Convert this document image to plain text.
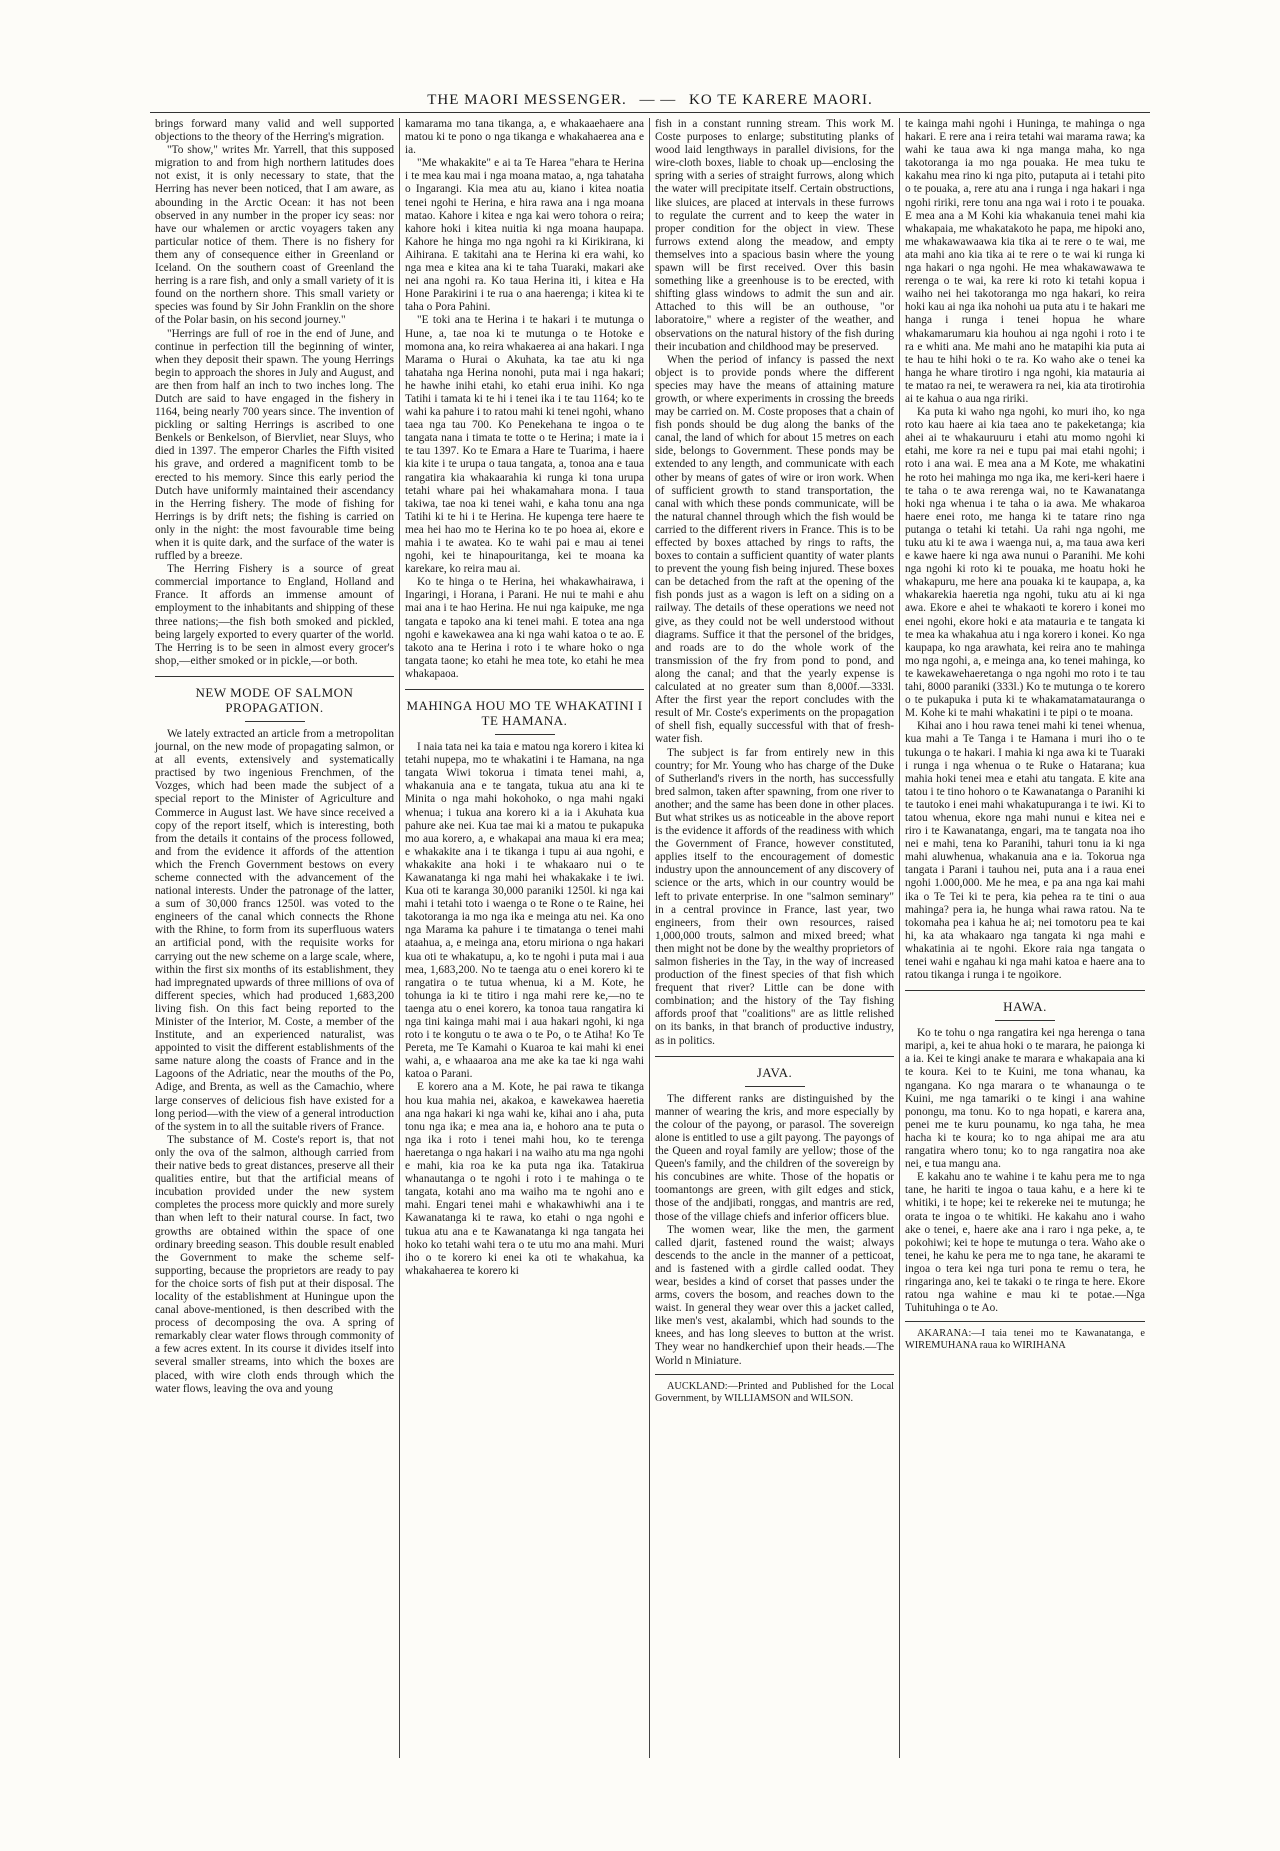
THE MAORI MESSENGER. — — KO TE KARERE MAORI.

brings forward many valid and well supported objections to the theory of the Herring's migration.

"To show," writes Mr. Yarrell, that this supposed migration to and from high northern latitudes does not exist, it is only necessary to state, that the Herring has never been noticed, that I am aware, as abounding in the Arctic Ocean: it has not been observed in any number in the proper icy seas: nor have our whalemen or arctic voyagers taken any particular notice of them. There is no fishery for them any of consequence either in Greenland or Iceland. On the southern coast of Greenland the herring is a rare fish, and only a small variety of it is found on the northern shore. This small variety or species was found by Sir John Franklin on the shore of the Polar basin, on his second journey."

"Herrings are full of roe in the end of June, and continue in perfection till the beginning of winter, when they deposit their spawn. The young Herrings begin to approach the shores in July and August, and are then from half an inch to two inches long. The Dutch are said to have engaged in the fishery in 1164, being nearly 700 years since. The invention of pickling or salting Herrings is ascribed to one Benkels or Benkelson, of Biervliet, near Sluys, who died in 1397. The emperor Charles the Fifth visited his grave, and ordered a magnificent tomb to be erected to his memory. Since this early period the Dutch have uniformly maintained their ascendancy in the Herring fishery. The mode of fishing for Herrings is by drift nets; the fishing is carried on only in the night: the most favourable time being when it is quite dark, and the surface of the water is ruffled by a breeze.

The Herring Fishery is a source of great commercial importance to England, Holland and France. It affords an immense amount of employment to the inhabitants and shipping of these three nations;—the fish both smoked and pickled, being largely exported to every quarter of the world. The Herring is to be seen in almost every grocer's shop,—either smoked or in pickle,—or both.

NEW MODE OF SALMON PROPAGATION.

We lately extracted an article from a metropolitan journal, on the new mode of propagating salmon, or at all events, extensively and systematically practised by two ingenious Frenchmen, of the Vozges, which had been made the subject of a special report to the Minister of Agriculture and Commerce in August last. We have since received a copy of the report itself, which is interesting, both from the details it contains of the process followed, and from the evidence it affords of the attention which the French Government bestows on every scheme connected with the advancement of the national interests. Under the patronage of the latter, a sum of 30,000 francs 1250l. was voted to the engineers of the canal which connects the Rhone with the Rhine, to form from its superfluous waters an artificial pond, with the requisite works for carrying out the new scheme on a large scale, where, within the first six months of its establishment, they had impregnated upwards of three millions of ova of different species, which had produced 1,683,200 living fish. On this fact being reported to the Minister of the Interior, M. Coste, a member of the Institute, and an experienced naturalist, was appointed to visit the different establishments of the same nature along the coasts of France and in the Lagoons of the Adriatic, near the mouths of the Po, Adige, and Brenta, as well as the Camachio, where large conserves of delicious fish have existed for a long period—with the view of a general introduction of the system in to all the suitable rivers of France.

The substance of M. Coste's report is, that not only the ova of the salmon, although carried from their native beds to great distances, preserve all their qualities entire, but that the artificial means of incubation provided under the new system completes the process more quickly and more surely than when left to their natural course. In fact, two growths are obtained within the space of one ordinary breeding season. This double result enabled the Government to make the scheme self-supporting, because the proprietors are ready to pay for the choice sorts of fish put at their disposal. The locality of the establishment at Huningue upon the canal above-mentioned, is then described with the process of decomposing the ova. A spring of remarkably clear water flows through commonity of a few acres extent. In its course it divides itself into several smaller streams, into which the boxes are placed, with wire cloth ends through which the water flows, leaving the ova and young

kamarama mo tana tikanga, a, e whakaaehaere ana matou ki te pono o nga tikanga e whakahaerea ana e ia.

"Me whakakite" e ai ta Te Harea "ehara te Herina i te mea kau mai i nga moana matao, a, nga tahataha o Ingarangi. Kia mea atu au, kiano i kitea noatia tenei ngohi te Herina, e hira rawa ana i nga moana matao. Kahore i kitea e nga kai wero tohora o reira; kahore hoki i kitea nuitia ki nga moana haupapa. Kahore he hinga mo nga ngohi ra ki Kirikirana, ki Aihirana. E takitahi ana te Herina ki era wahi, ko nga mea e kitea ana ki te taha Tuaraki, makari ake nei ana ngohi ra. Ko taua Herina iti, i kitea e Ha Hone Parakirini i te rua o ana haerenga; i kitea ki te taha o Pora Pahini.

"E toki ana te Herina i te hakari i te mutunga o Hune, a, tae noa ki te mutunga o te Hotoke e momona ana, ko reira whakaerea ai ana hakari. I nga Marama o Hurai o Akuhata, ka tae atu ki nga tahataha nga Herina nonohi, puta mai i nga hakari; he hawhe inihi etahi, ko etahi erua inihi. Ko nga Tatihi i tamata ki te hi i tenei ika i te tau 1164; ko te wahi ka pahure i to ratou mahi ki tenei ngohi, whano taea nga tau 700. Ko Penekehana te ingoa o te tangata nana i timata te totte o te Herina; i mate ia i te tau 1397. Ko te Emara a Hare te Tuarima, i haere kia kite i te urupa o taua tangata, a, tonoa ana e taua rangatira kia whakaarahia ki runga ki tona urupa tetahi whare pai hei whakamahara mona. I taua takiwa, tae noa ki tenei wahi, e kaha tonu ana nga Tatihi ki te hi i te Herina. He kupenga tere haere te mea hei hao mo te Herina ko te po hoea ai, ekore e mahia i te awatea. Ko te wahi pai e mau ai tenei ngohi, kei te hinapouritanga, kei te moana ka karekare, ko reira mau ai.

Ko te hinga o te Herina, hei whakawhairawa, i Ingaringi, i Horana, i Parani. He nui te mahi e ahu mai ana i te hao Herina. He nui nga kaipuke, me nga tangata e tapoko ana ki tenei mahi. E totea ana nga ngohi e kawekawea ana ki nga wahi katoa o te ao. E takoto ana te Herina i roto i te whare hoko o nga tangata taone; ko etahi he mea tote, ko etahi he mea whakapaoa.

MAHINGA HOU MO TE WHAKATINI I TE HAMANA.

I naia tata nei ka taia e matou nga korero i kitea ki tetahi nupepa, mo te whakatini i te Hamana, na nga tangata Wiwi tokorua i timata tenei mahi, a, whakanuia ana e te tangata, tukua atu ana ki te Minita o nga mahi hokohoko, o nga mahi ngaki whenua; i tukua ana korero ki a ia i Akuhata kua pahure ake nei. Kua tae mai ki a matou te pukapuka mo aua korero, a, e whakapai ana maua ki era mea; e whakakite ana i te tikanga i tupu ai aua ngohi, e whakakite ana hoki i te whakaaro nui o te Kawanatanga ki nga mahi hei whakakake i te iwi. Kua oti te karanga 30,000 paraniki 1250l. ki nga kai mahi i tetahi toto i waenga o te Rone o te Raine, hei takotoranga ia mo nga ika e meinga atu nei. Ka ono nga Marama ka pahure i te timatanga o tenei mahi ataahua, a, e meinga ana, etoru miriona o nga hakari kua oti te whakatupu, a, ko te ngohi i puta mai i aua mea, 1,683,200. No te taenga atu o enei korero ki te rangatira o te tutua whenua, ki a M. Kote, he tohunga ia ki te titiro i nga mahi rere ke,—no te taenga atu o enei korero, ka tonoa taua rangatira ki nga tini kainga mahi mai i aua hakari ngohi, ki nga roto i te kongutu o te awa o te Po, o te Atiha! Ko Te Pereta, me Te Kamahi o Kuaroa te kai mahi ki enei wahi, a, e whaaaroa ana me ake ka tae ki nga wahi katoa o Parani.

E korero ana a M. Kote, he pai rawa te tikanga hou kua mahia nei, akakoa, e kawekawea haeretia ana nga hakari ki nga wahi ke, kihai ano i aha, puta tonu nga ika; e mea ana ia, e hohoro ana te puta o nga ika i roto i tenei mahi hou, ko te terenga haeretanga o nga hakari i na waiho atu ma nga ngohi e mahi, kia roa ke ka puta nga ika. Tatakirua whanautanga o te ngohi i roto i te mahinga o te tangata, kotahi ano ma waiho ma te ngohi ano e mahi. Engari tenei mahi e whakawhiwhi ana i te Kawanatanga ki te rawa, ko etahi o nga ngohi e tukua atu ana e te Kawanatanga ki nga tangata hei hoko ko tetahi wahi tera o te utu mo ana mahi. Muri iho o te korero ki enei ka oti te whakahua, ka whakahaerea te korero ki

fish in a constant running stream. This work M. Coste purposes to enlarge; substituting planks of wood laid lengthways in parallel divisions, for the wire-cloth boxes, liable to choak up—enclosing the spring with a series of straight furrows, along which the water will precipitate itself. Certain obstructions, like sluices, are placed at intervals in these furrows to regulate the current and to keep the water in proper condition for the object in view. These furrows extend along the meadow, and empty themselves into a spacious basin where the young spawn will be first received. Over this basin something like a greenhouse is to be erected, with shifting glass windows to admit the sun and air. Attached to this will be an outhouse, "or laboratoire," where a register of the weather, and observations on the natural history of the fish during their incubation and childhood may be preserved.

When the period of infancy is passed the next object is to provide ponds where the different species may have the means of attaining mature growth, or where experiments in crossing the breeds may be carried on. M. Coste proposes that a chain of fish ponds should be dug along the banks of the canal, the land of which for about 15 metres on each side, belongs to Government. These ponds may be extended to any length, and communicate with each other by means of gates of wire or iron work. When of sufficient growth to stand transportation, the canal with which these ponds communicate, will be the natural channel through which the fish would be carried to the different rivers in France. This is to be effected by boxes attached by rings to rafts, the boxes to contain a sufficient quantity of water plants to prevent the young fish being injured. These boxes can be detached from the raft at the opening of the fish ponds just as a wagon is left on a siding on a railway. The details of these operations we need not give, as they could not be well understood without diagrams. Suffice it that the personel of the bridges, and roads are to do the whole work of the transmission of the fry from pond to pond, and along the canal; and that the yearly expense is calculated at no greater sum than 8,000f.—333l. After the first year the report concludes with the result of Mr. Coste's experiments on the propagation of shell fish, equally successful with that of fresh-water fish.

The subject is far from entirely new in this country; for Mr. Young who has charge of the Duke of Sutherland's rivers in the north, has successfully bred salmon, taken after spawning, from one river to another; and the same has been done in other places. But what strikes us as noticeable in the above report is the evidence it affords of the readiness with which the Government of France, however constituted, applies itself to the encouragement of domestic industry upon the announcement of any discovery of science or the arts, which in our country would be left to private enterprise. In one "salmon seminary" in a central province in France, last year, two engineers, from their own resources, raised 1,000,000 trouts, salmon and mixed breed; what then might not be done by the wealthy proprietors of salmon fisheries in the Tay, in the way of increased production of the finest species of that fish which frequent that river? Little can be done with combination; and the history of the Tay fishing affords proof that "coalitions" are as little relished on its banks, in that branch of productive industry, as in politics.

JAVA.

The different ranks are distinguished by the manner of wearing the kris, and more especially by the colour of the payong, or parasol. The sovereign alone is entitled to use a gilt payong. The payongs of the Queen and royal family are yellow; those of the Queen's family, and the children of the sovereign by his concubines are white. Those of the hopatis or toomantongs are green, with gilt edges and stick, those of the andjibati, ronggas, and mantris are red, those of the village chiefs and inferior officers blue.

The women wear, like the men, the garment called djarit, fastened round the waist; always descends to the ancle in the manner of a petticoat, and is fastened with a girdle called oodat. They wear, besides a kind of corset that passes under the arms, covers the bosom, and reaches down to the waist. In general they wear over this a jacket called, like men's vest, akalambi, which had sounds to the knees, and has long sleeves to button at the wrist. They wear no handkerchief upon their heads.—The World n Miniature.

AUCKLAND:—Printed and Published for the Local Government, by WILLIAMSON and WILSON.

te kainga mahi ngohi i Huninga, te mahinga o nga hakari. E rere ana i reira tetahi wai marama rawa; ka wahi ke taua awa ki nga manga maha, ko nga takotoranga ia mo nga pouaka. He mea tuku te kakahu mea rino ki nga pito, putaputa ai i tetahi pito o te pouaka, a, rere atu ana i runga i nga hakari i nga ngohi ririki, rere tonu ana nga wai i roto i te pouaka. E mea ana a M Kohi kia whakanuia tenei mahi kia whakapaia, me whakatakoto he papa, me hipoki ano, me whakawawaawa kia tika ai te rere o te wai, me ata mahi ano kia tika ai te rere o te wai ki runga ki nga hakari o nga ngohi. He mea whakawawawa te rerenga o te wai, ka rere ki roto ki tetahi kopua i waiho nei hei takotoranga mo nga hakari, ko reira hoki kau ai nga ika nohohi ua puta atu i te hakari me hanga i runga i tenei hopua he whare whakamarumaru kia houhou ai nga ngohi i roto i te ra e whiti ana. Me mahi ano he matapihi kia puta ai te hau te hihi hoki o te ra. Ko waho ake o tenei ka hanga he whare tirotiro i nga ngohi, kia matauria ai te matao ra nei, te werawera ra nei, kia ata tirotirohia ai te kahua o aua nga ririki.

Ka puta ki waho nga ngohi, ko muri iho, ko nga roto kau haere ai kia taea ano te pakeketanga; kia ahei ai te whakauruuru i etahi atu momo ngohi ki etahi, me kore ra nei e tupu pai mai etahi ngohi; i roto i ana wai. E mea ana a M Kote, me whakatini he roto hei mahinga mo nga ika, me keri-keri haere i te taha o te awa rerenga wai, no te Kawanatanga hoki nga whenua i te taha o ia awa. Me whakaroa haere enei roto, me hanga ki te tatare rino nga putanga o tetahi ki tetahi. Ua rahi nga ngohi, me tuku atu ki te awa i waenga nui, a, ma taua awa keri e kawe haere ki nga awa nunui o Paranihi. Me kohi nga ngohi ki roto ki te pouaka, me hoatu hoki he whakapuru, me here ana pouaka ki te kaupapa, a, ka whakarekia haeretia nga ngohi, tuku atu ai ki nga awa. Ekore e ahei te whakaoti te korero i konei mo enei ngohi, ekore hoki e ata matauria e te tangata ki te mea ka whakahua atu i nga korero i konei. Ko nga kaupapa, ko nga arawhata, kei reira ano te mahinga mo nga ngohi, a, e meinga ana, ko tenei mahinga, ko te kawekawehaeretanga o nga ngohi mo roto i te tau tahi, 8000 paraniki (333l.) Ko te mutunga o te korero o te pukapuka i puta ki te whakamatamatauranga o M. Kohe ki te mahi whakatini i te pipi o te moana.

Kihai ano i hou rawa tenei mahi ki tenei whenua, kua mahi a Te Tanga i te Hamana i muri iho o te tukunga o te hakari. I mahia ki nga awa ki te Tuaraki i runga i nga whenua o te Ruke o Hatarana; kua mahia hoki tenei mea e etahi atu tangata. E kite ana tatou i te tino hohoro o te Kawanatanga o Paranihi ki te tautoko i enei mahi whakatupuranga i te iwi. Ki to tatou whenua, ekore nga mahi nunui e kitea nei e riro i te Kawanatanga, engari, ma te tangata noa iho nei e mahi, tena ko Paranihi, tahuri tonu ia ki nga mahi aluwhenua, whakanuia ana e ia. Tokorua nga tangata i Parani i tauhou nei, puta ana i a raua enei ngohi 1.000,000. Me he mea, e pa ana nga kai mahi ika o Te Tei ki te pera, kia pehea ra te tini o aua mahinga? pera ia, he hunga whai rawa ratou. Na te tokomaha pea i kahua he ai; nei tomotoru pea te kai hi, ka ata whakaaro nga tangata ki nga mahi e whakatinia ai te ngohi. Ekore raia nga tangata o tenei wahi e ngahau ki nga mahi katoa e haere ana to ratou tikanga i runga i te ngoikore.

HAWA.

Ko te tohu o nga rangatira kei nga herenga o tana maripi, a, kei te ahua hoki o te marara, he paionga ki a ia. Kei te kingi anake te marara e whakapaia ana ki te koura. Kei to te Kuini, me tona whanau, ka ngangana. Ko nga marara o te whanaunga o te Kuini, me nga tamariki o te kingi i ana wahine ponongu, ma tonu. Ko to nga hopati, e karera ana, penei me te kuru pounamu, ko nga taha, he mea hacha ki te koura; ko to nga ahipai me ara atu rangatira whero tonu; ko to nga rangatira noa ake nei, e tua mangu ana.

E kakahu ano te wahine i te kahu pera me to nga tane, he hariti te ingoa o taua kahu, e a here ki te whitiki, i te hope; kei te rekereke nei te mutunga; he orata te ingoa o te whitiki. He kakahu ano i waho ake o tenei, e, haere ake ana i raro i nga peke, a, te pokohiwi; kei te hope te mutunga o tera. Waho ake o tenei, he kahu ke pera me to nga tane, he akarami te ingoa o tera kei nga turi pona te remu o tera, he ringaringa ano, kei te takaki o te ringa te here. Ekore ratou nga wahine e mau ki te potae.—Nga Tuhituhinga o te Ao.

AKARANA:—I taia tenei mo te Kawanatanga, e WIREMUHANA raua ko WIRIHANA
